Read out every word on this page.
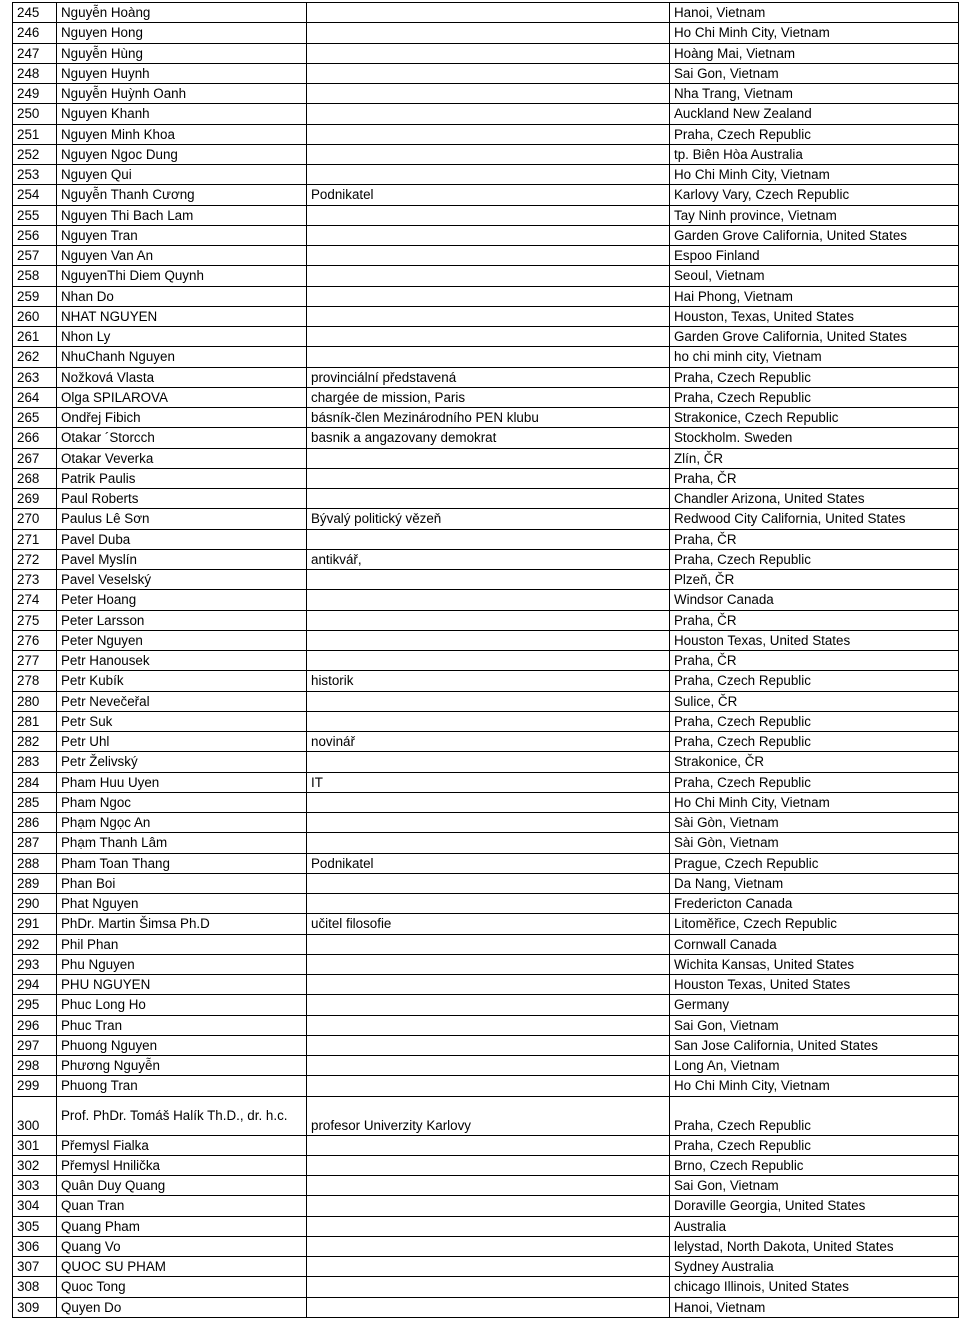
245	Nguyễn Hoàng		Hanoi, Vietnam
246	Nguyen Hong		Ho Chi Minh City, Vietnam
247	Nguyễn Hùng		Hoàng Mai, Vietnam
248	Nguyen Huynh		Sai Gon, Vietnam
249	Nguyễn Huỳnh Oanh		Nha Trang, Vietnam
250	Nguyen Khanh		Auckland New Zealand
251	Nguyen Minh Khoa		Praha, Czech Republic
252	Nguyen Ngoc Dung		tp. Biên Hòa Australia
253	Nguyen Qui		Ho Chi Minh City, Vietnam
254	Nguyễn Thanh Cương	Podnikatel	Karlovy Vary, Czech Republic
255	Nguyen Thi Bach Lam		Tay Ninh province, Vietnam
256	Nguyen Tran		Garden Grove California, United States
257	Nguyen Van An		Espoo Finland
258	NguyenThi Diem Quynh		Seoul, Vietnam
259	Nhan Do		Hai Phong, Vietnam
260	NHAT NGUYEN		Houston, Texas, United States
261	Nhon Ly		Garden Grove California, United States
262	NhuChanh Nguyen		ho chi minh city, Vietnam
263	Nožková Vlasta	provinciální představená	Praha, Czech Republic
264	Olga SPILAROVA	chargée de mission, Paris	Praha, Czech Republic
265	Ondřej Fibich	básník-člen Mezinárodního PEN klubu	Strakonice, Czech Republic
266	Otakar ´Storcch	basnik a angazovany demokrat	Stockholm. Sweden
267	Otakar Veverka		Zlín, ČR
268	Patrik Paulis		Praha, ČR
269	Paul Roberts		Chandler Arizona, United States
270	Paulus Lê Sơn	Bývalý politický vězeň	Redwood City California, United States
271	Pavel Duba		Praha, ČR
272	Pavel Myslín	antikvář,	Praha, Czech Republic
273	Pavel Veselský		Plzeň, ČR
274	Peter Hoang		Windsor Canada
275	Peter Larsson		Praha, ČR
276	Peter Nguyen		Houston Texas, United States
277	Petr Hanousek		Praha, ČR
278	Petr Kubík	historik	Praha, Czech Republic
280	Petr Nevečeřal		Sulice, ČR
281	Petr Suk		Praha, Czech Republic
282	Petr Uhl	novinář	Praha, Czech Republic
283	Petr Želivský		Strakonice, ČR
284	Pham Huu Uyen	IT	Praha, Czech Republic
285	Pham Ngoc		Ho Chi Minh City, Vietnam
286	Phạm Ngọc An		Sài Gòn, Vietnam
287	Phạm Thanh Lâm		Sài Gòn, Vietnam
288	Pham Toan Thang	Podnikatel	Prague, Czech Republic
289	Phan Boi		Da Nang, Vietnam
290	Phat Nguyen		Fredericton Canada
291	PhDr. Martin Šimsa Ph.D	učitel filosofie	Litoměřice, Czech Republic
292	Phil Phan		Cornwall Canada
293	Phu Nguyen		Wichita Kansas, United States
294	PHU NGUYEN		Houston Texas, United States
295	Phuc Long Ho		Germany
296	Phuc Tran		Sai Gon, Vietnam
297	Phuong Nguyen		San Jose California, United States
298	Phương Nguyễn		Long An, Vietnam
299	Phuong Tran		Ho Chi Minh City, Vietnam
300	Prof. PhDr. Tomáš Halík Th.D., dr. h.c.	profesor Univerzity Karlovy	Praha, Czech Republic
301	Přemysl Fialka		Praha, Czech Republic
302	Přemysl Hnilička		Brno, Czech Republic
303	Quân Duy Quang		Sai Gon, Vietnam
304	Quan Tran		Doraville Georgia, United States
305	Quang Pham		Australia
306	Quang Vo		lelystad, North Dakota, United States
307	QUOC SU PHAM		Sydney Australia
308	Quoc Tong		chicago Illinois, United States
309	Quyen Do		Hanoi, Vietnam
